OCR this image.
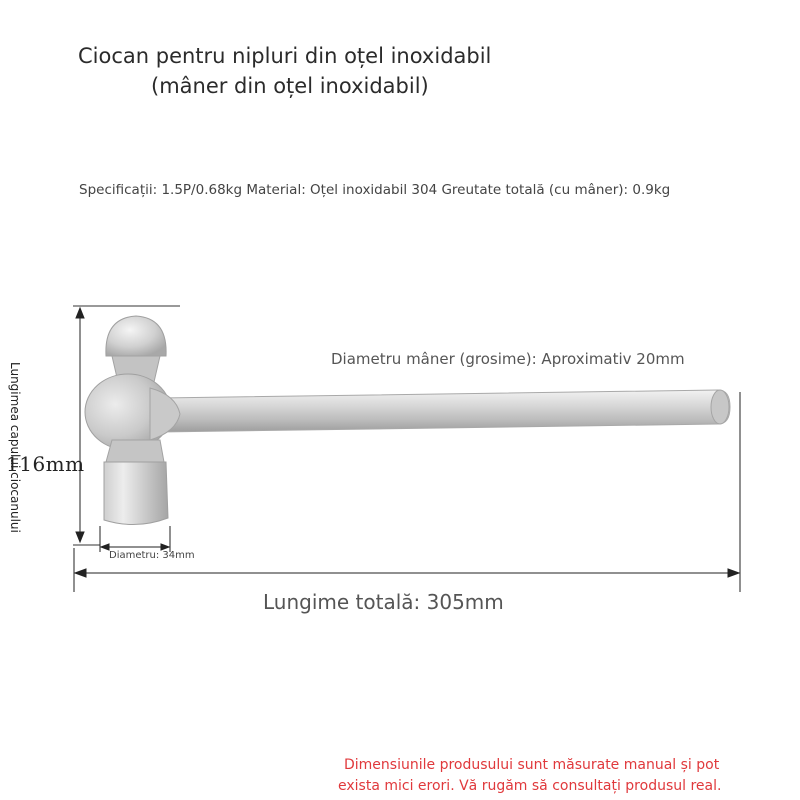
Ciocan pentru nipluri din oțel inoxidabil
(mâner din oțel inoxidabil)
Specificații: 1.5P/0.68kg Material: Oțel inoxidabil 304 Greutate totală (cu mâner): 0.9kg
Lungimea capului ciocanului
116mm
Diametru mâner (grosime): Aproximativ 20mm
Diametru: 34mm
Lungime totală: 305mm
Dimensiunile produsului sunt măsurate manual și pot
exista mici erori. Vă rugăm să consultați produsul real.
